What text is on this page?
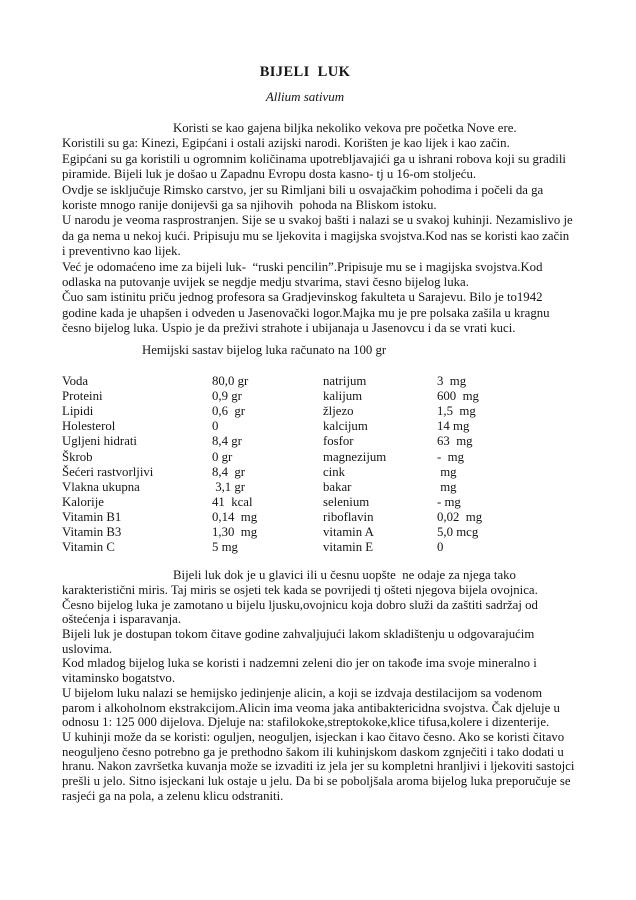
BIJELI  LUK
Allium sativum
Koristi se kao gajena biljka nekoliko vekova pre početka Nove ere.
Koristili su ga: Kinezi, Egipćani i ostali azijski narodi. Korišten je kao lijek i kao začin.
Egipćani su ga koristili u ogromnim količinama upotrebljavajići ga u ishrani robova koji su gradili
piramide. Bijeli luk je došao u Zapadnu Evropu dosta kasno- tj u 16-om stoljeću.
Ovdje se isključuje Rimsko carstvo, jer su Rimljani bili u osvajačkim pohodima i počeli da ga
koriste mnogo ranije donijevši ga sa njihovih  pohoda na Bliskom istoku.
U narodu je veoma rasprostranjen. Sije se u svakoj bašti i nalazi se u svakoj kuhinji. Nezamislivo je
da ga nema u nekoj kući. Pripisuju mu se ljekovita i magijska svojstva.Kod nas se koristi kao začin
i preventivno kao lijek.
Već je odomaćeno ime za bijeli luk-  “ruski pencilin”.Pripisuje mu se i magijska svojstva.Kod
odlaska na putovanje uvijek se negdje medju stvarima, stavi česno bijelog luka.
Čuo sam istinitu priču jednog profesora sa Gradjevinskog fakulteta u Sarajevu. Bilo je to1942
godine kada je uhapšen i odveden u Jasenovački logor.Majka mu je pre polsaka zašila u kragnu
česno bijelog luka. Uspio je da preživi strahote i ubijanaja u Jasenovcu i da se vrati kuci.
Hemijski sastav bijelog luka računato na 100 gr
Voda	80,0 gr	natrijum	3  mg
Proteini	0,9 gr	kalijum	600  mg
Lipidi	0,6  gr	žljezo	1,5  mg
Holesterol	0	kalcijum	14 mg
Ugljeni hidrati	8,4 gr	fosfor	63  mg
Škrob	0 gr	magnezijum	-  mg
Šećeri rastvorljivi	8,4  gr	cink	mg
Vlakna ukupna	3,1 gr	bakar	mg
Kalorije	41  kcal	selenium	- mg
Vitamin B1	0,14  mg	riboflavin	0,02  mg
Vitamin B3	1,30  mg	vitamin A	5,0 mcg
Vitamin C	5 mg	vitamin E	0
Bijeli luk dok je u glavici ili u česnu uopšte  ne odaje za njega tako
karakteristični miris. Taj miris se osjeti tek kada se povrijedi tj ošteti njegova bijela ovojnica.
Česno bijelog luka je zamotano u bijelu ljusku,ovojnicu koja dobro služi da zaštiti sadržaj od
oštećenja i isparavanja.
Bijeli luk je dostupan tokom čitave godine zahvaljujući lakom skladištenju u odgovarajućim
uslovima.
Kod mladog bijelog luka se koristi i nadzemni zeleni dio jer on takođe ima svoje mineralno i
vitaminsko bogatstvo.
U bijelom luku nalazi se hemijsko jedinjenje alicin, a koji se izdvaja destilacijom sa vodenom
parom i alkoholnom ekstrakcijom.Alicin ima veoma jaka antibaktericidna svojstva. Čak djeluje u
odnosu 1: 125 000 dijelova. Djeluje na: stafilokoke,streptokoke,klice tifusa,kolere i dizenterije.
U kuhinji može da se koristi: oguljen, neoguljen, isjeckan i kao čitavo česno. Ako se koristi čitavo
neoguljeno česno potrebno ga je prethodno šakom ili kuhinjskom daskom zgnječiti i tako dodati u
hranu. Nakon završetka kuvanja može se izvaditi iz jela jer su kompletni hranljivi i ljekoviti sastojci
prešli u jelo. Sitno isjeckani luk ostaje u jelu. Da bi se poboljšala aroma bijelog luka preporučuje se
rasjeći ga na pola, a zelenu klicu odstraniti.
